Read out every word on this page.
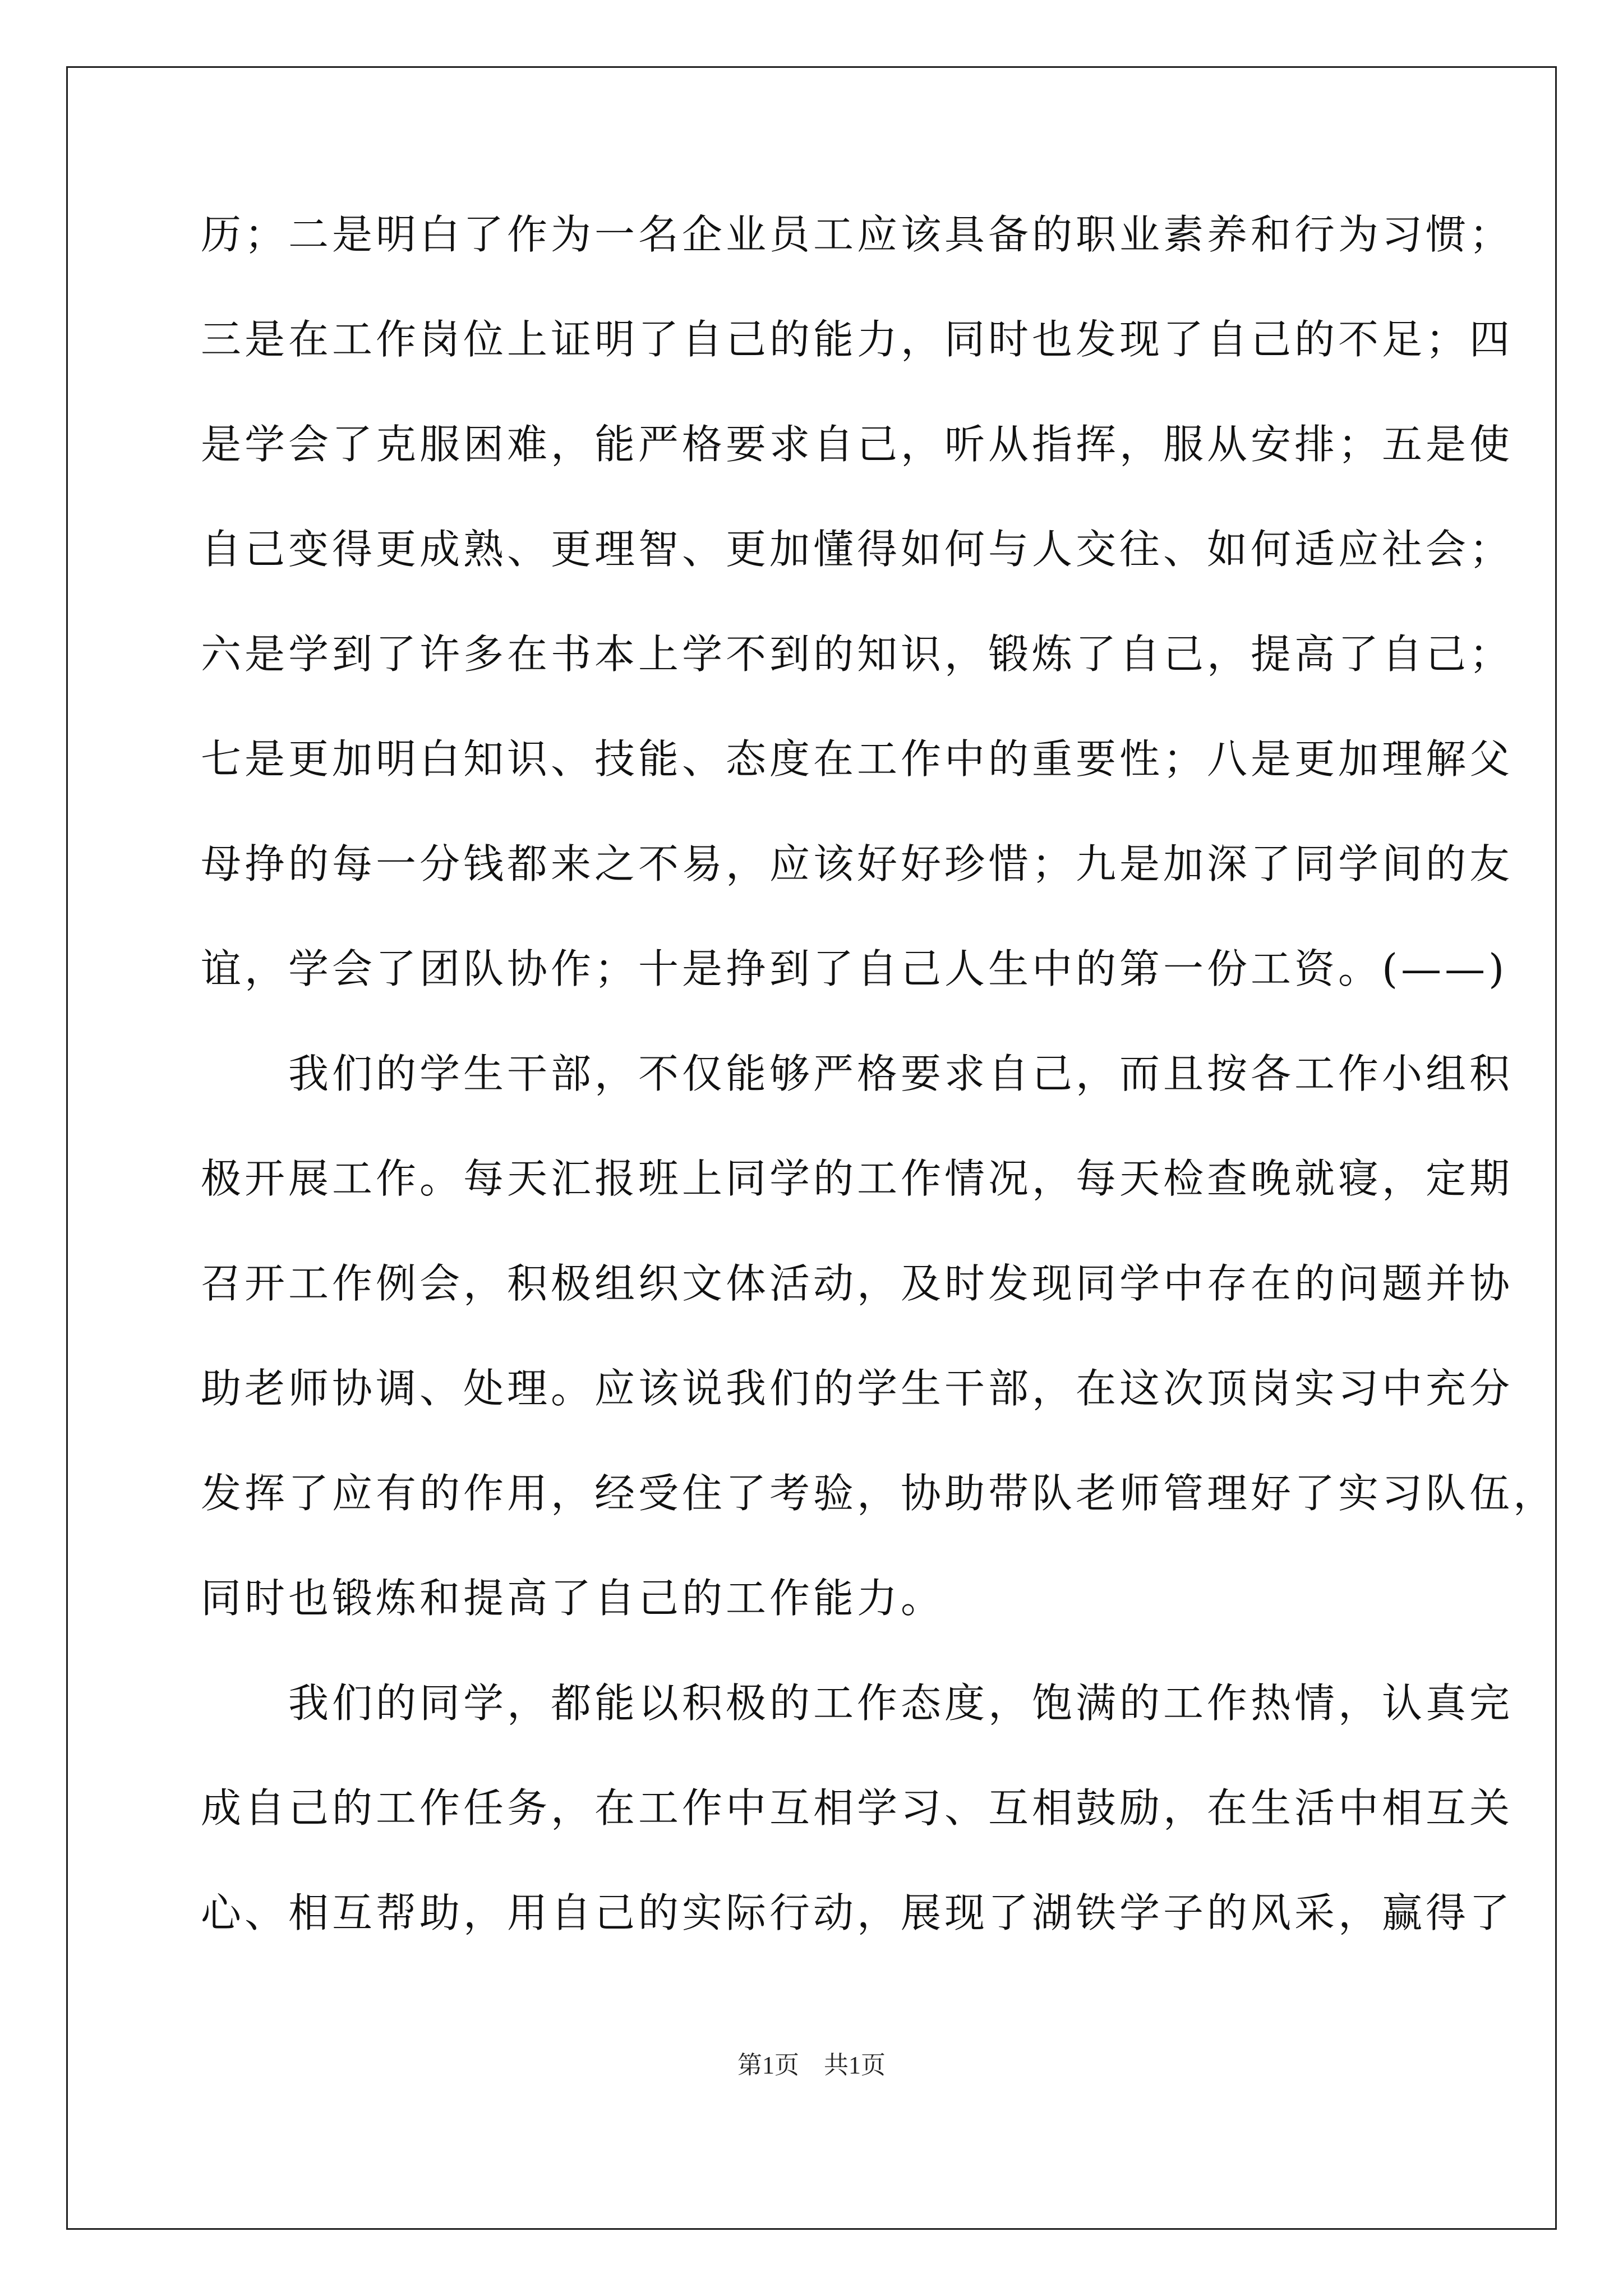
历；二是明白了作为一名企业员工应该具备的职业素养和行为习惯；
三是在工作岗位上证明了自己的能力，同时也发现了自己的不足；四
是学会了克服困难，能严格要求自己，听从指挥，服从安排；五是使
自己变得更成熟、更理智、更加懂得如何与人交往、如何适应社会；
六是学到了许多在书本上学不到的知识，锻炼了自己，提高了自己；
七是更加明白知识、技能、态度在工作中的重要性；八是更加理解父
母挣的每一分钱都来之不易，应该好好珍惜；九是加深了同学间的友
谊，学会了团队协作；十是挣到了自己人生中的第一份工资。(——)
　　我们的学生干部，不仅能够严格要求自己，而且按各工作小组积
极开展工作。每天汇报班上同学的工作情况，每天检查晚就寝，定期
召开工作例会，积极组织文体活动，及时发现同学中存在的问题并协
助老师协调、处理。应该说我们的学生干部，在这次顶岗实习中充分
发挥了应有的作用，经受住了考验，协助带队老师管理好了实习队伍，
同时也锻炼和提高了自己的工作能力。
　　我们的同学，都能以积极的工作态度，饱满的工作热情，认真完
成自己的工作任务，在工作中互相学习、互相鼓励，在生活中相互关
心、相互帮助，用自己的实际行动，展现了湖铁学子的风采，赢得了
第1页　共1页
